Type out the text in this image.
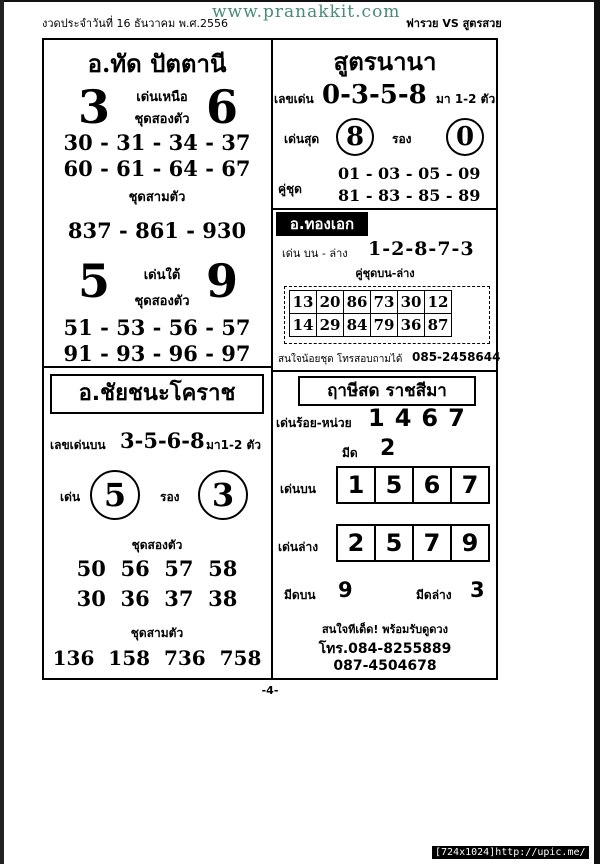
งวดประจำวันที่ 16 ธันวาคม พ.ศ.2556
www.pranakkit.com
ฟารวย VS สูตรสวย
อ.ทัด ปัตตานี
3 6
เด่นเหนือ
ชุดสองตัว
30 - 31 - 34 - 37
60 - 61 - 64 - 67
ชุดสามตัว
837 - 861 - 930
5 9
เด่นใต้
ชุดสองตัว
51 - 53 - 56 - 57
91 - 93 - 96 - 97
สูตรนานา
เลขเด่น 0-3-5-8 มา 1-2 ตัว
เด่นสุด	8	รอง	0
คู่ชุด
01 - 03 - 05 - 09
81 - 83 - 85 - 89
อ.ทองเอก
เด่น บน - ล่าง 1-2-8-7-3
คู่ชุดบน-ล่าง
13	20	86	73	30	12
14	29	84	79	36	87
สนใจน้อยชุด โทรสอบถามได้ 085-2458644
อ.ชัยชนะโคราช
เลขเด่นบน 3-5-6-8 มา1-2 ตัว
เด่น 5	รอง	3
ชุดสองตัว
50  56  57  58
30  36  37  38
ชุดสามตัว
136  158  736  758
ฤาษีสด ราชสีมา
เด่นร้อย-หน่วย 1467
มีด 2
เด่นบน	1 5 6 7
เด่นล่าง	2 5 7 9
มีดบน 9	มีดล่าง 3
สนใจทีเด็ด! พร้อมรับดูดวง
โทร.084-8255889
087-4504678
-4-
[724x1024]http://upic.me/
